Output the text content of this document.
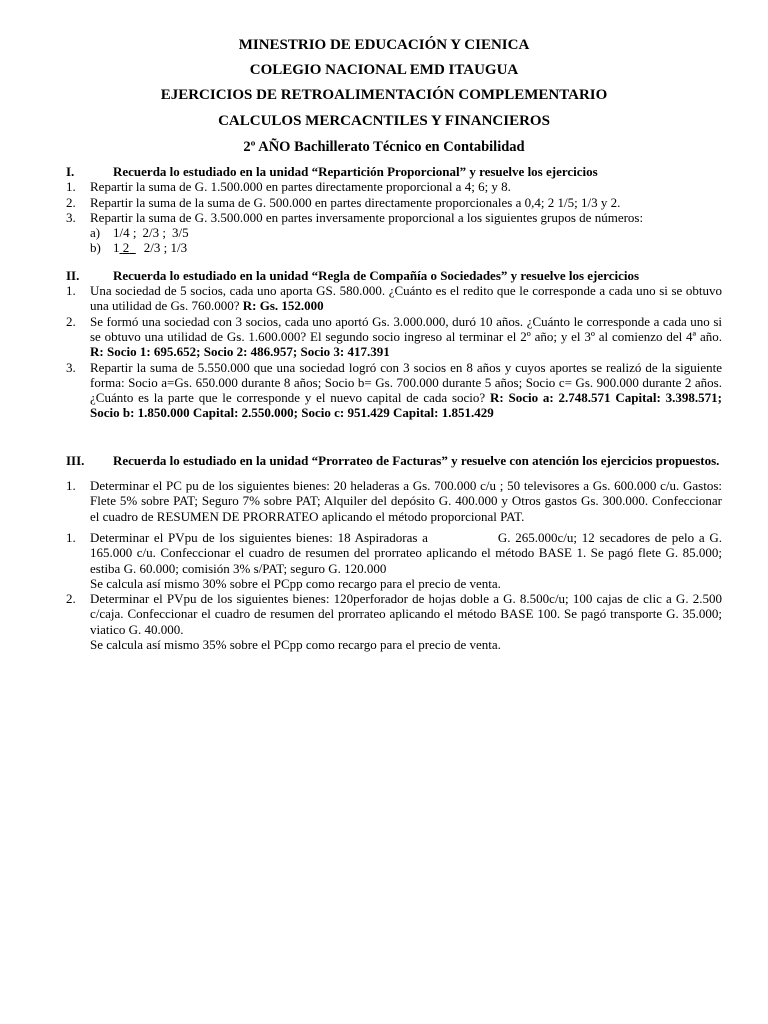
MINESTRIO DE EDUCACIÓN Y CIENICA
COLEGIO NACIONAL EMD ITAUGUA
EJERCICIOS DE RETROALIMENTACIÓN COMPLEMENTARIO
CALCULOS MERCACNTILES Y FINANCIEROS
2º AÑO Bachillerato Técnico en Contabilidad
I.	Recuerda lo estudiado en la unidad “Repartición Proporcional” y resuelve los ejercicios
1. Repartir la suma de G. 1.500.000 en partes directamente proporcional a 4; 6; y 8.
2. Repartir la suma de la suma de G. 500.000 en partes directamente proporcionales a 0,4; 2 1/5; 1/3 y 2.
3. Repartir la suma de G. 3.500.000 en partes inversamente proporcional a los siguientes grupos de números:
a) 1/4 ; 2/3 ; 3/5
b) 1 2 2/3 ; 1/3
II.	Recuerda lo estudiado en la unidad “Regla de Compañía o Sociedades” y resuelve los ejercicios
1. Una sociedad de 5 socios, cada uno aporta GS. 580.000. ¿Cuánto es el redito que le corresponde a cada uno si se obtuvo una utilidad de Gs. 760.000? R: Gs. 152.000
2. Se formó una sociedad con 3 socios, cada uno aportó Gs. 3.000.000, duró 10 años. ¿Cuánto le corresponde a cada uno si se obtuvo una utilidad de Gs. 1.600.000? El segundo socio ingreso al terminar el 2º año; y el 3º al comienzo del 4ª año. R: Socio 1: 695.652; Socio 2: 486.957; Socio 3: 417.391
3. Repartir la suma de 5.550.000 que una sociedad logró con 3 socios en 8 años y cuyos aportes se realizó de la siguiente forma: Socio a=Gs. 650.000 durante 8 años; Socio b= Gs. 700.000 durante 5 años; Socio c= Gs. 900.000 durante 2 años. ¿Cuánto es la parte que le corresponde y el nuevo capital de cada socio? R: Socio a: 2.748.571 Capital: 3.398.571; Socio b: 1.850.000 Capital: 2.550.000; Socio c: 951.429 Capital: 1.851.429
III. Recuerda lo estudiado en la unidad “Prorrateo de Facturas” y resuelve con atención los ejercicios propuestos.
1. Determinar el PC pu de los siguientes bienes: 20 heladeras a Gs. 700.000 c/u ; 50 televisores a Gs. 600.000 c/u. Gastos: Flete 5% sobre PAT; Seguro 7% sobre PAT; Alquiler del depósito G. 400.000 y Otros gastos Gs. 300.000. Confeccionar el cuadro de RESUMEN DE PRORRATEO aplicando el método proporcional PAT.
1. Determinar el PVpu de los siguientes bienes: 18 Aspiradoras a	G. 265.000c/u; 12 secadores de pelo a G. 165.000 c/u. Confeccionar el cuadro de resumen del prorrateo aplicando el método BASE 1. Se pagó flete G. 85.000; estiba G. 60.000; comisión 3% s/PAT; seguro G. 120.000
Se calcula así mismo 30% sobre el PCpp como recargo para el precio de venta.
2. Determinar el PVpu de los siguientes bienes: 120perforador de hojas doble a G. 8.500c/u; 100 cajas de clic a G. 2.500 c/caja. Confeccionar el cuadro de resumen del prorrateo aplicando el método BASE 100. Se pagó transporte G. 35.000; viatico G. 40.000.
Se calcula así mismo 35% sobre el PCpp como recargo para el precio de venta.
